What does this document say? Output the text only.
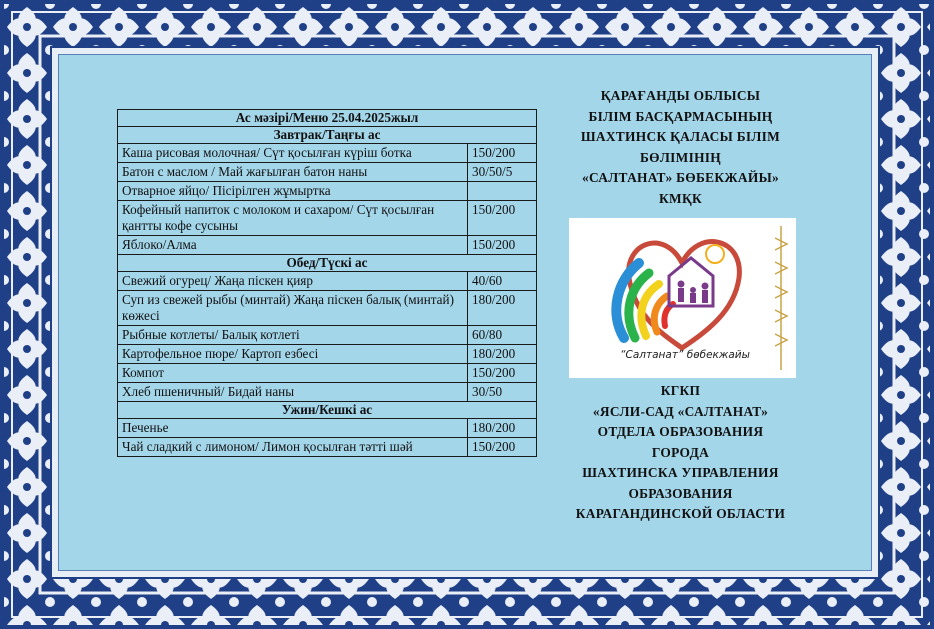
Ас мәзірі/Меню 25.04.2025жыл	
Завтрак/Таңғы ас	
Каша рисовая молочная/ Сүт қосылған күріш ботка	150/200
Батон с маслом / Май жағылған батон наны	30/50/5
Отварное яйцо/ Пісірілген жұмыртка	
Кофейный напиток с молоком и сахаром/ Сүт қосылған қантты кофе сусыны	150/200
Яблоко/Алма	150/200
Обед/Түскі ас	
Свежий огурец/ Жаңа піскен қияр	40/60
Суп из свежей рыбы (минтай) Жаңа піскен балық (минтай) көжесі	180/200
Рыбные котлеты/ Балық котлеті	60/80
Картофельное пюре/ Картоп езбесі	180/200
Компот	150/200
Хлеб пшеничный/ Бидай наны	30/50
Ужин/Кешкі ас	
Печенье	180/200
Чай сладкий с лимоном/ Лимон қосылған тәтті шәй	150/200
ҚАРАҒАНДЫ ОБЛЫСЫ
БІЛІМ БАСҚАРМАСЫНЫҢ
ШАХТИНСК ҚАЛАСЫ БІЛІМ
БӨЛІМІНІҢ
«САЛТАНАТ» БӨБЕКЖАЙЫ»
КМҚК
“Салтанат” бөбекжайы
КГКП
«ЯСЛИ-САД «САЛТАНАТ»
ОТДЕЛА ОБРАЗОВАНИЯ
ГОРОДА
ШАХТИНСКА УПРАВЛЕНИЯ
ОБРАЗОВАНИЯ
КАРАГАНДИНСКОЙ ОБЛАСТИ
